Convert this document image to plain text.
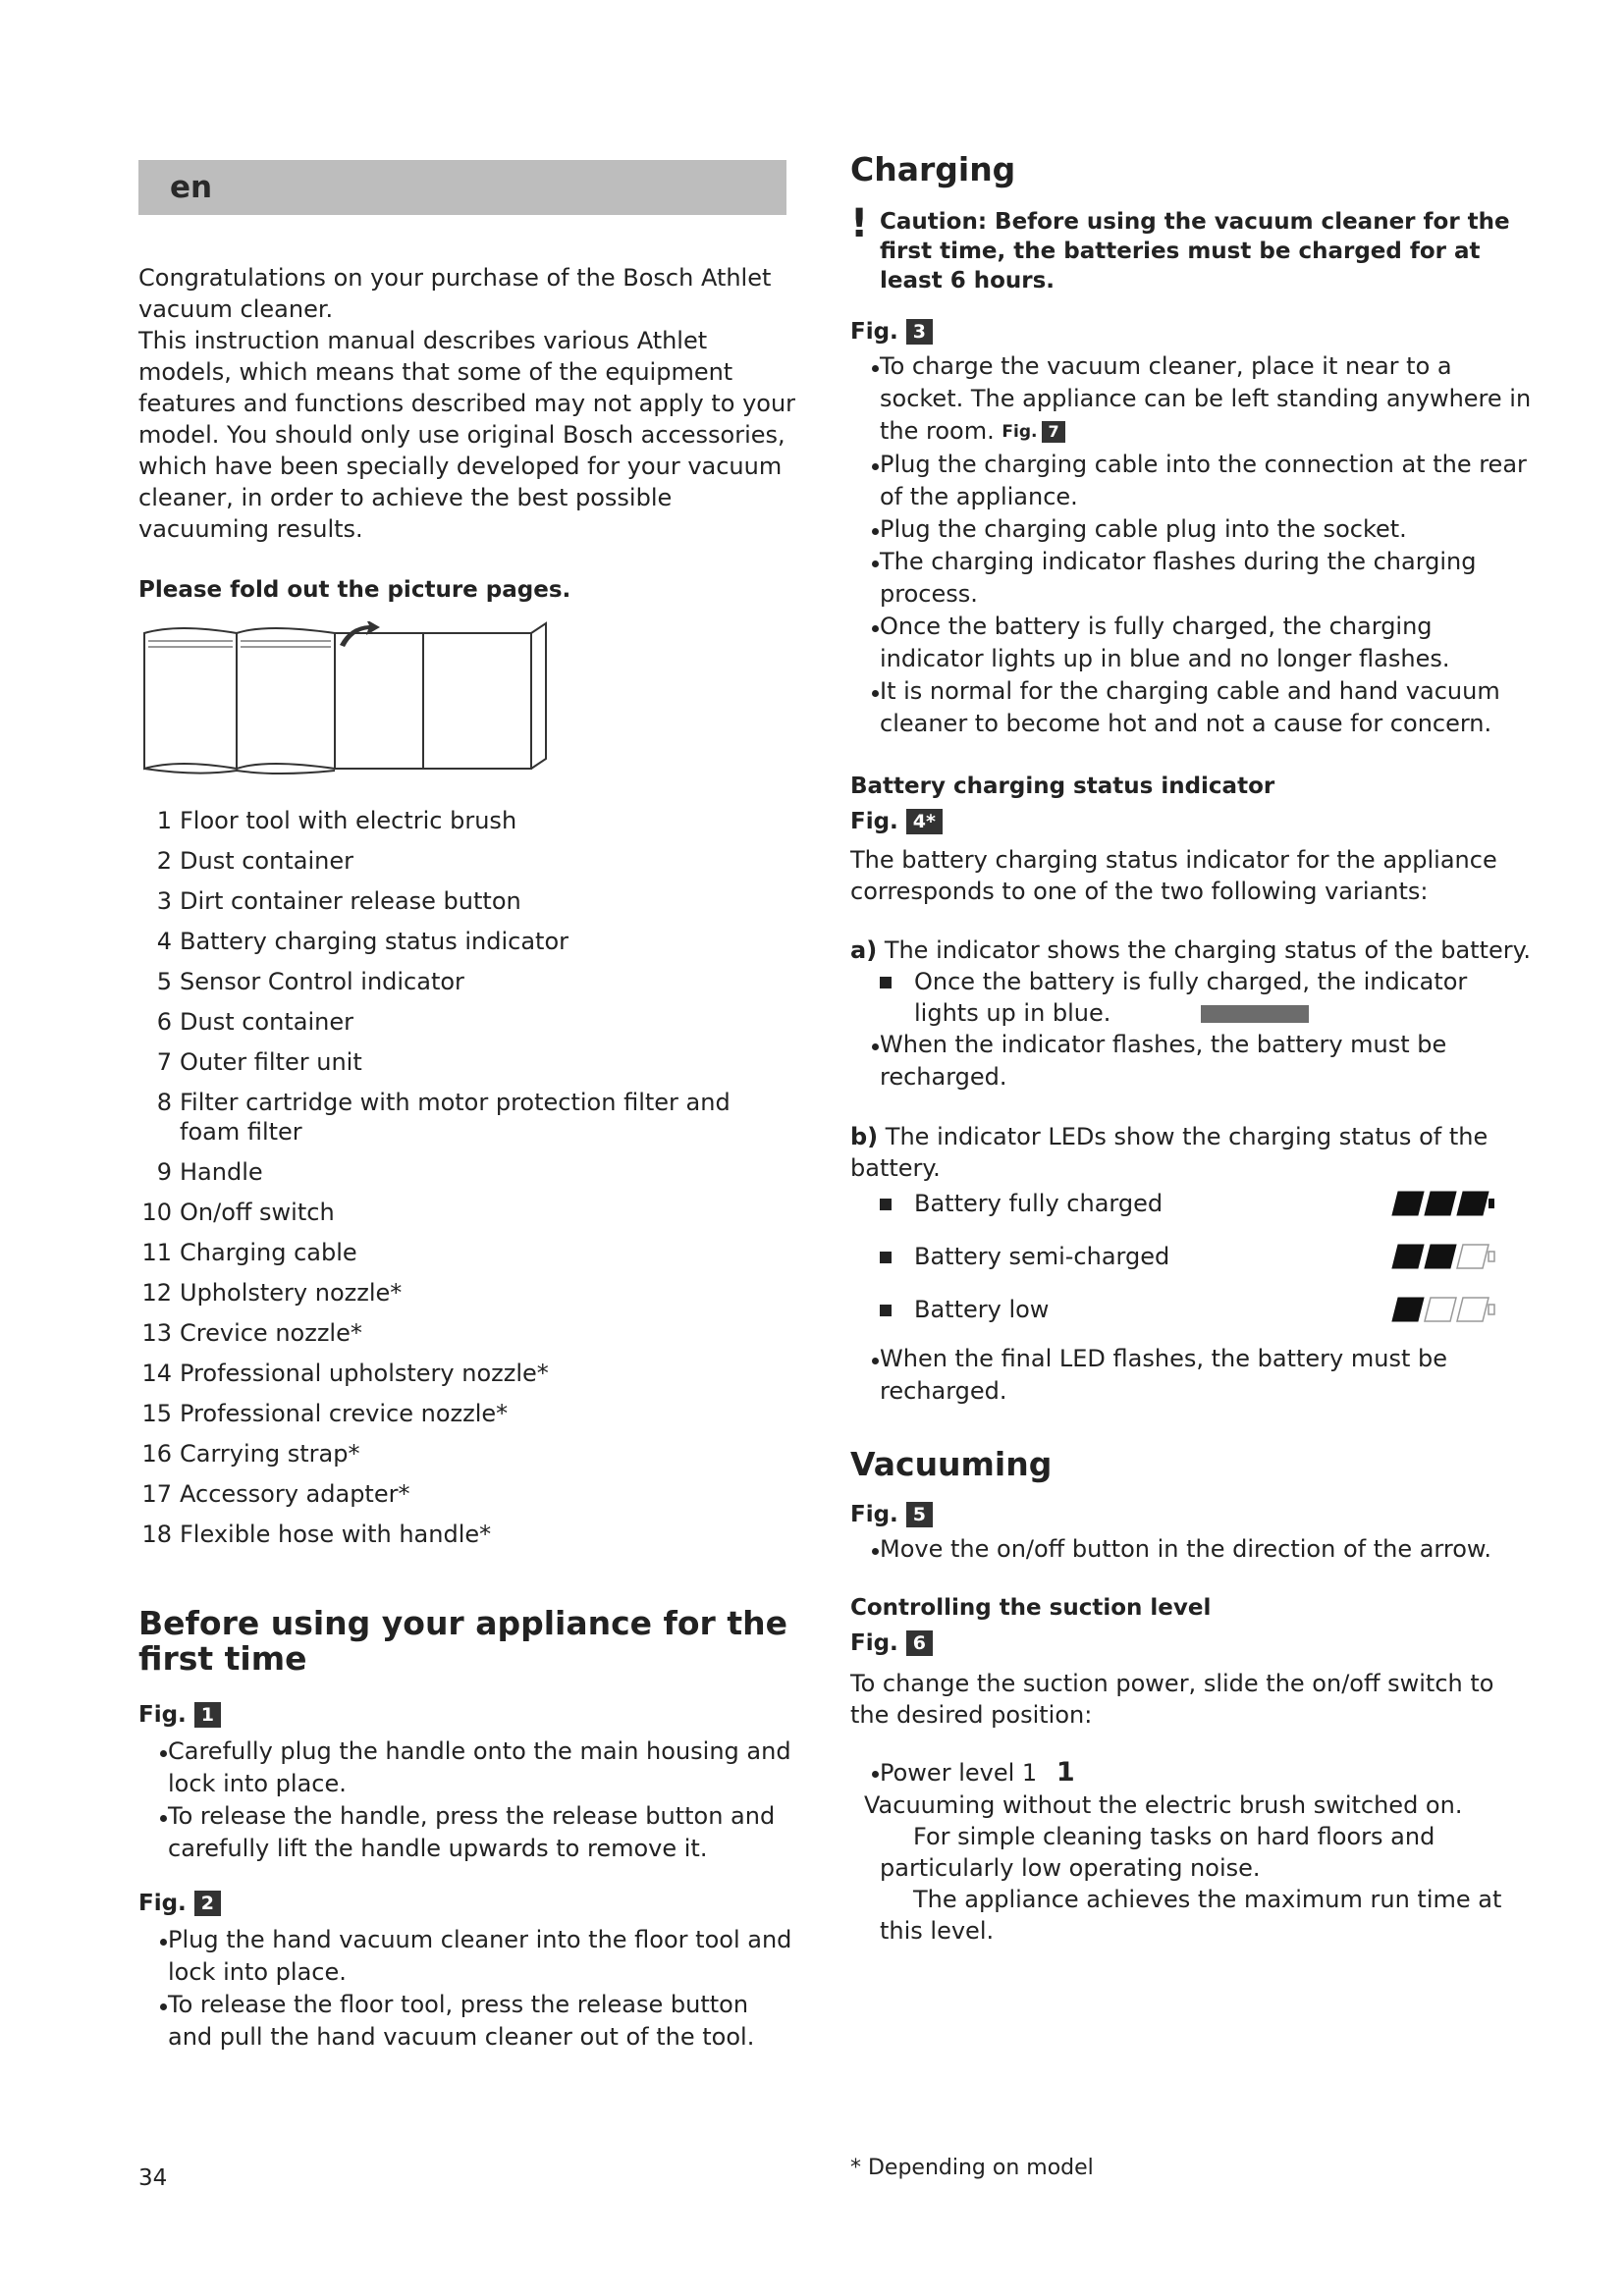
en

Congratulations on your purchase of the Bosch Athlet vacuum cleaner.

This instruction manual describes various Athlet models, which means that some of the equipment features and functions described may not apply to your model. You should only use original Bosch accessories, which have been specially developed for your vacuum cleaner, in order to achieve the best possible vacuuming results.

Please fold out the picture pages.

1 Floor tool with electric brush
2 Dust container
3 Dirt container release button
4 Battery charging status indicator
5 Sensor Control indicator
6 Dust container
7 Outer filter unit
8 Filter cartridge with motor protection filter and foam filter
9 Handle
10 On/off switch
11 Charging cable
12 Upholstery nozzle*
13 Crevice nozzle*
14 Professional upholstery nozzle*
15 Professional crevice nozzle*
16 Carrying strap*
17 Accessory adapter*
18 Flexible hose with handle*
Before using your appliance for the first time
Fig. 1
Carefully plug the handle onto the main housing and lock into place.
To release the handle, press the release button and carefully lift the handle upwards to remove it.
Fig. 2
Plug the hand vacuum cleaner into the floor tool and lock into place.
To release the floor tool, press the release button and pull the hand vacuum cleaner out of the tool.
Charging
! Caution: Before using the vacuum cleaner for the first time, the batteries must be charged for at least 6 hours.
Fig. 3
To charge the vacuum cleaner, place it near to a socket. The appliance can be left standing anywhere in the room. Fig. 7
Plug the charging cable into the connection at the rear of the appliance.
Plug the charging cable plug into the socket.
The charging indicator flashes during the charging process.
Once the battery is fully charged, the charging indicator lights up in blue and no longer flashes.
It is normal for the charging cable and hand vacuum cleaner to become hot and not a cause for concern.
Battery charging status indicator
Fig. 4*

The battery charging status indicator for the appliance corresponds to one of the two following variants:

a) The indicator shows the charging status of the battery.

Once the battery is fully charged, the indicator lights up in blue.
When the indicator flashes, the battery must be recharged.

b) The indicator LEDs show the charging status of the battery.

Battery fully charged
Battery semi-charged
Battery low
When the final LED flashes, the battery must be recharged.
Vacuuming
Fig. 5
Move the on/off button in the direction of the arrow.
Controlling the suction level
Fig. 6

To change the suction power, slide the on/off switch to the desired position:

Power level 1 1

Vacuuming without the electric brush switched on.

For simple cleaning tasks on hard floors and particularly low operating noise.

The appliance achieves the maximum run time at this level.

* Depending on model
34
